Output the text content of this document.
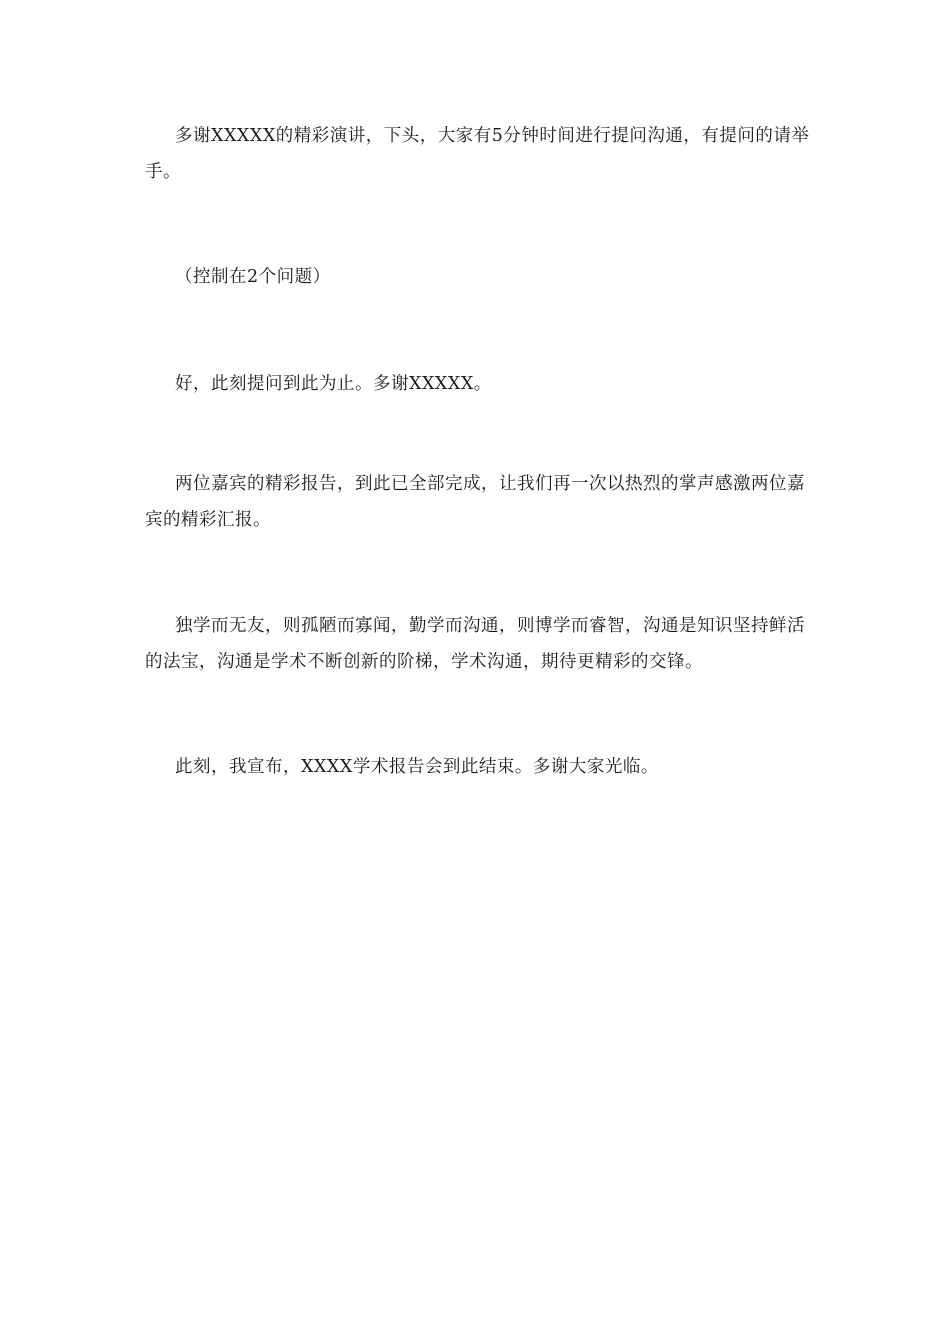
多谢XXXXX的精彩演讲，下头，大家有5分钟时间进行提问沟通，有提问的请举手。

（控制在2个问题）

好，此刻提问到此为止。多谢XXXXX。

两位嘉宾的精彩报告，到此已全部完成，让我们再一次以热烈的掌声感激两位嘉宾的精彩汇报。

独学而无友，则孤陋而寡闻，勤学而沟通，则博学而睿智，沟通是知识坚持鲜活的法宝，沟通是学术不断创新的阶梯，学术沟通，期待更精彩的交锋。

此刻，我宣布，XXXX学术报告会到此结束。多谢大家光临。
